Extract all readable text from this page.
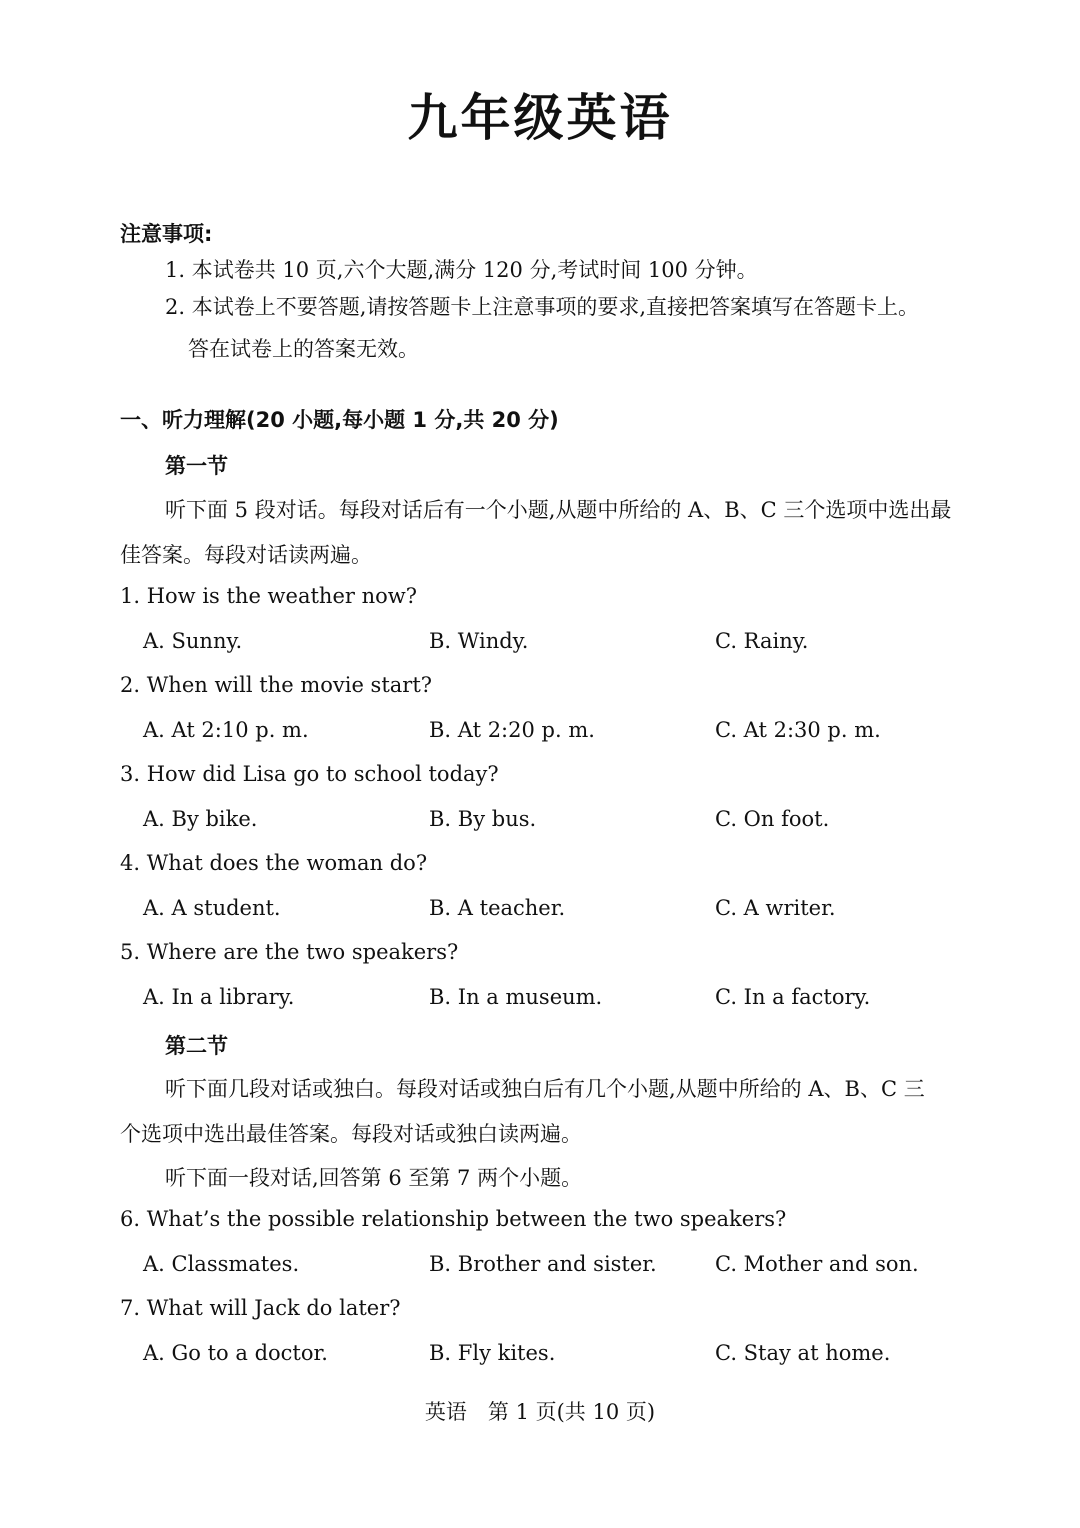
九年级英语
注意事项:
1. 本试卷共 10 页,六个大题,满分 120 分,考试时间 100 分钟。
2. 本试卷上不要答题,请按答题卡上注意事项的要求,直接把答案填写在答题卡上。
答在试卷上的答案无效。
一、听力理解(20 小题,每小题 1 分,共 20 分)
第一节
听下面 5 段对话。每段对话后有一个小题,从题中所给的 A、B、C 三个选项中选出最
佳答案。每段对话读两遍。
1. How is the weather now?
A. Sunny.	B. Windy.	C. Rainy.
2. When will the movie start?
A. At 2:10 p. m.	B. At 2:20 p. m.	C. At 2:30 p. m.
3. How did Lisa go to school today?
A. By bike.	B. By bus.	C. On foot.
4. What does the woman do?
A. A student.	B. A teacher.	C. A writer.
5. Where are the two speakers?
A. In a library.	B. In a museum.	C. In a factory.
第二节
听下面几段对话或独白。每段对话或独白后有几个小题,从题中所给的 A、B、C 三
个选项中选出最佳答案。每段对话或独白读两遍。
听下面一段对话,回答第 6 至第 7 两个小题。
6. What’s the possible relationship between the two speakers?
A. Classmates.	B. Brother and sister.	C. Mother and son.
7. What will Jack do later?
A. Go to a doctor.	B. Fly kites.	C. Stay at home.
英语　第 1 页(共 10 页)
